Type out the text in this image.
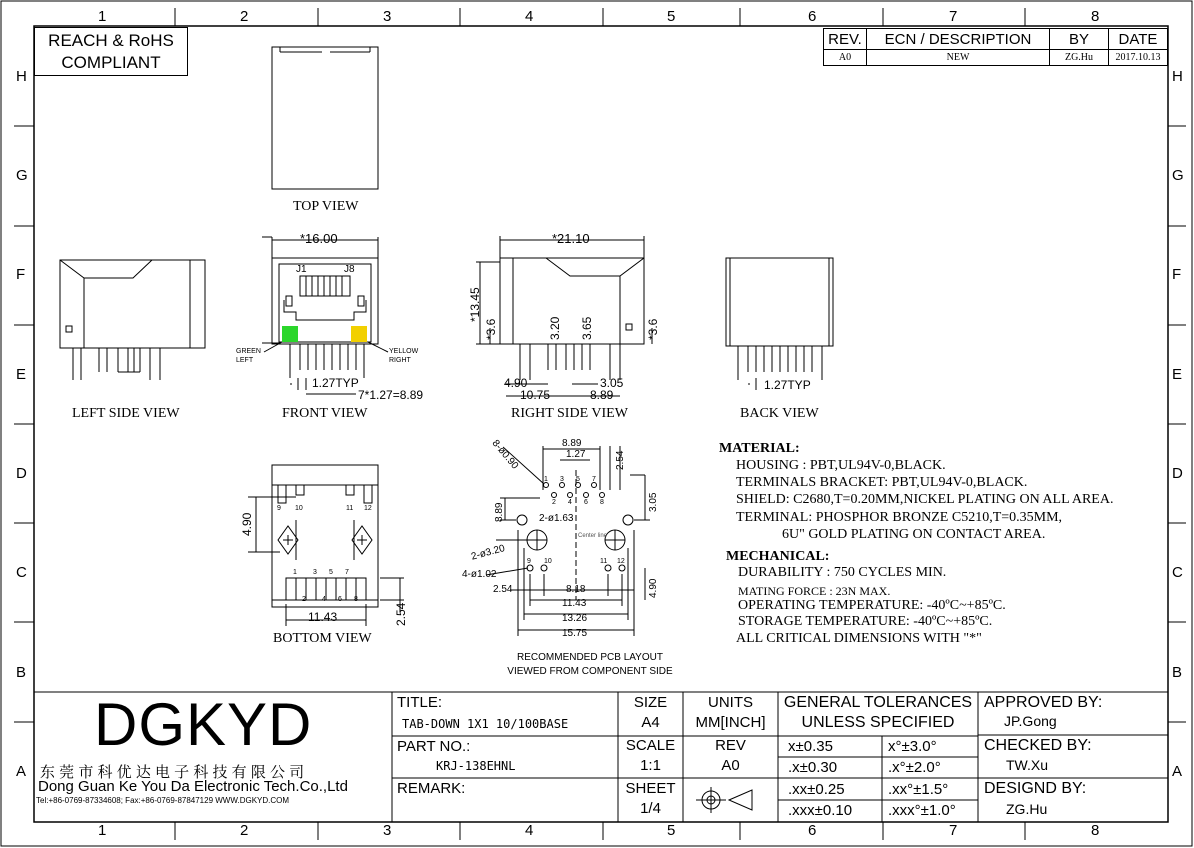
1	2	3	4	5	6	7	8
1	2	3	4	5	6	7	8
H
G
F
E
D
C
B
A
H
G
F
E
D
C
B
A
REACH & RoHS
COMPLIANT
REV.	ECN / DESCRIPTION	BY	DATE
A0	NEW	ZG.Hu	2017.10.13
TOP VIEW
LEFT SIDE VIEW	FRONT VIEW	RIGHT SIDE VIEW	BACK VIEW
BOTTOM VIEW
RECOMMENDED PCB LAYOUT
VIEWED FROM COMPONENT SIDE
*16.00
J1	J8
GREEN
LEFT
YELLOW
RIGHT
1.27TYP
7*1.27=8.89
*21.10
*13.45
*3.6	3.20 3.65	*3.6
4.90	3.05
10.75	8.89
1.27TYP
4.90
11.43	2.54
9 10	11 12
1 3 5 7
2 4 6 8
8.89
1.27	2.54
8-ø0.90
3.05
8.89	2-ø1.63
Center line
2-ø3.20
4-ø1.02
2.54	8.18
11.43
13.26
15.75
4.90
1 3 5 7
2 4 6 8
9 10	11 12
MATERIAL:
HOUSING : PBT,UL94V-0,BLACK.
TERMINALS BRACKET: PBT,UL94V-0,BLACK.
SHIELD: C2680,T=0.20MM,NICKEL PLATING ON ALL AREA.
TERMINAL: PHOSPHOR BRONZE C5210,T=0.35MM,
6U" GOLD PLATING ON CONTACT AREA.
MECHANICAL:
DURABILITY : 750 CYCLES MIN.
MATING FORCE : 23N MAX.
OPERATING TEMPERATURE: -40ºC~+85ºC.
STORAGE TEMPERATURE: -40ºC~+85ºC.
ALL CRITICAL DIMENSIONS WITH "*"
DGKYD
东 莞 市 科 优 达 电 子 科 技 有 限 公 司
Dong Guan Ke You Da Electronic Tech.Co.,Ltd
Tel:+86-0769-87334608; Fax:+86-0769-87847129 WWW.DGKYD.COM
TITLE:
TAB-DOWN 1X1 10/100BASE
PART NO.:
KRJ-138EHNL
REMARK:
SIZE
A4
UNITS
MM[INCH]
SCALE
1:1
REV
A0
SHEET
1/4
GENERAL TOLERANCES
UNLESS SPECIFIED
x±0.35	x°±3.0°
.x±0.30	.x°±2.0°
.xx±0.25	.xx°±1.5°
.xxx±0.10 .xxx°±1.0°
APPROVED BY:
JP.Gong
CHECKED BY:
TW.Xu
DESIGND BY:
ZG.Hu
